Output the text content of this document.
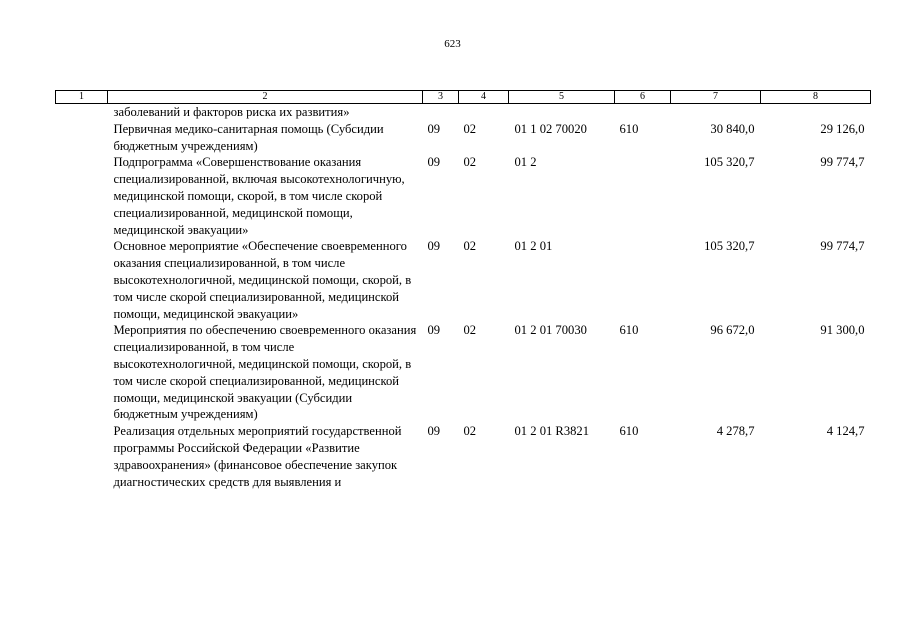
623
1	2	3	4	5	6	7	8
	заболеваний и факторов риска их развития»						
	Первичная медико-санитарная помощь (Субсидии бюджетным учреждениям)	09	02	01 1 02 70020	610	30 840,0	29 126,0
	Подпрограмма «Совершенствование оказания специализированной, включая высокотехнологичную, медицинской помощи, скорой, в том числе скорой специализированной, медицинской помощи, медицинской эвакуации»	09	02	01 2		105 320,7	99 774,7
	Основное мероприятие «Обеспечение своевременного оказания специализированной, в том числе высокотехнологичной, медицинской помощи, скорой, в том числе скорой специализированной, медицинской помощи, медицинской эвакуации»	09	02	01 2 01		105 320,7	99 774,7
	Мероприятия по обеспечению своевременного оказания специализированной, в том числе высокотехнологичной, медицинской помощи, скорой, в том числе скорой специализированной, медицинской помощи, медицинской эвакуации (Субсидии бюджетным учреждениям)	09	02	01 2 01 70030	610	96 672,0	91 300,0
	Реализация отдельных мероприятий государственной программы Российской Федерации «Развитие здравоохранения» (финансовое обеспечение закупок диагностических средств для выявления и	09	02	01 2 01 R3821	610	4 278,7	4 124,7
